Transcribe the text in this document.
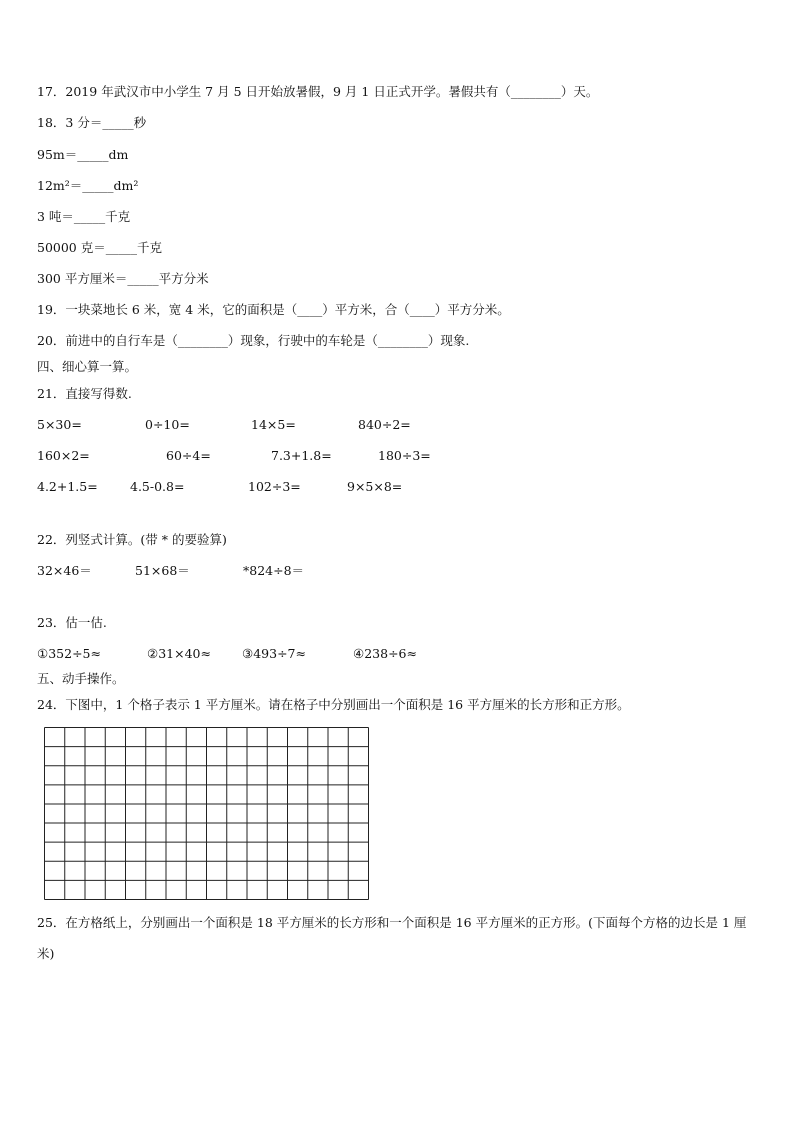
17．2019 年武汉市中小学生 7 月 5 日开始放暑假，9 月 1 日正式开学。暑假共有（________）天。
18．3 分＝_____秒
95m＝_____dm
12m²＝_____dm²
3 吨＝_____千克
50000 克＝_____千克
300 平方厘米＝_____平方分米
19．一块菜地长 6 米，宽 4 米，它的面积是（____）平方米，合（____）平方分米。
20．前进中的自行车是（________）现象，行驶中的车轮是（________）现象.
四、细心算一算。
21．直接写得数.
5×30=	0÷10=	14×5=	840÷2=
160×2=	60÷4=	7.3+1.8=	180÷3=
4.2+1.5=	4.5-0.8=	102÷3=	9×5×8=
22．列竖式计算。(带 * 的要验算)
32×46＝	51×68＝	*824÷8＝
23．估一估.
①352÷5≈	②31×40≈ ③493÷7≈	④238÷6≈
五、动手操作。
24．下图中，1 个格子表示 1 平方厘米。请在格子中分别画出一个面积是 16 平方厘米的长方形和正方形。
25．在方格纸上，分别画出一个面积是 18 平方厘米的长方形和一个面积是 16 平方厘米的正方形。(下面每个方格的边长是 1 厘米)
